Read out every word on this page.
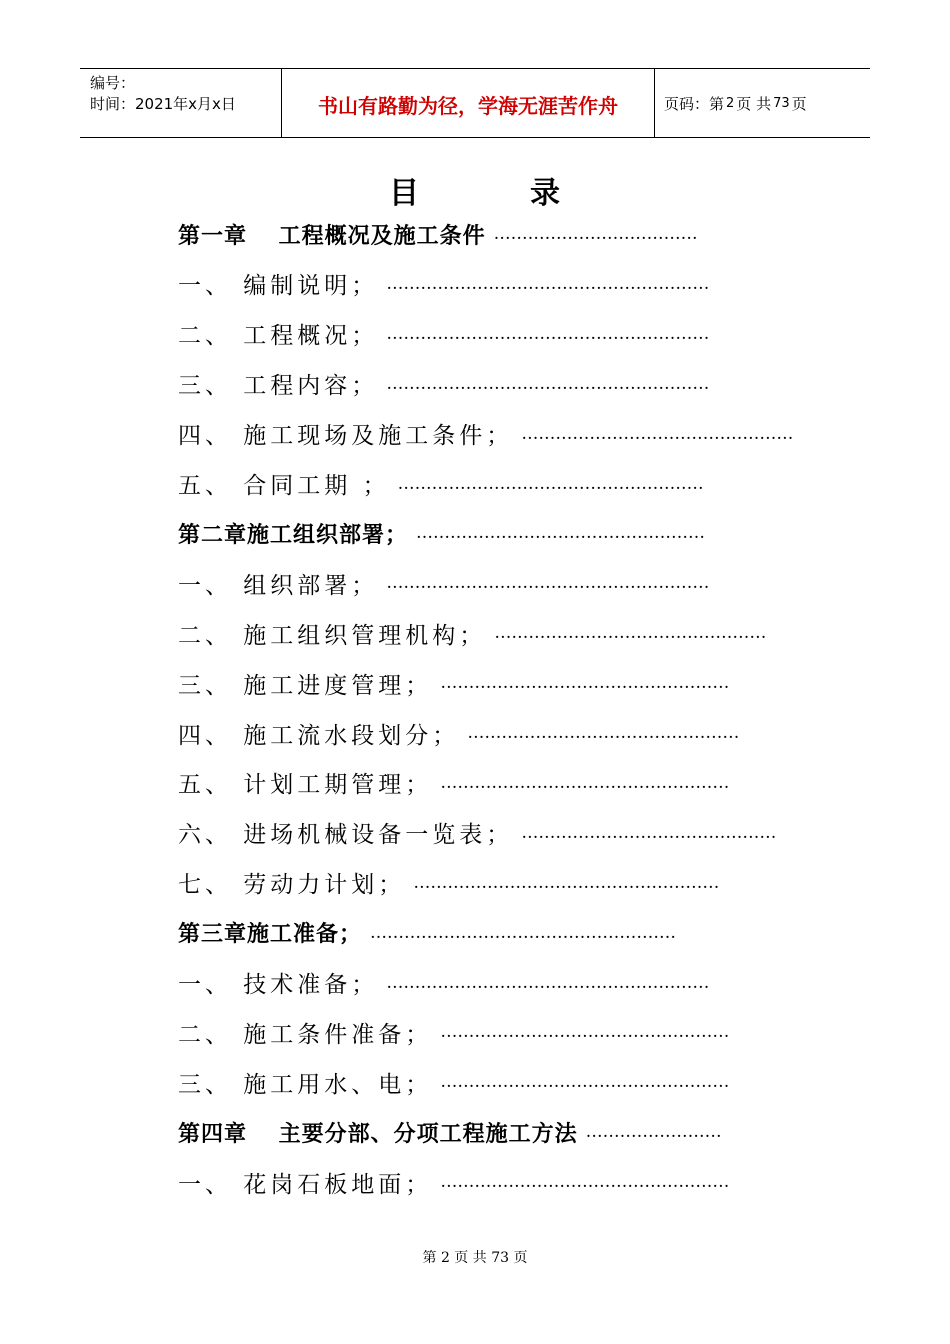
编号：
时间：2021年x月x日	书山有路勤为径，学海无涯苦作舟	页码：第 2 页 共 73 页
目	录
第一章　 工程概况及施工条件 ………………………………
一、 编制说明； …………………………………………………
二、 工程概况； …………………………………………………
三、 工程内容； …………………………………………………
四、 施工现场及施工条件； …………………………………………
五、 合同工期 ； ………………………………………………
第二章施工组织部署； ……………………………………………
一、 组织部署； …………………………………………………
二、 施工组织管理机构； …………………………………………
三、 施工进度管理； ……………………………………………
四、 施工流水段划分； …………………………………………
五、 计划工期管理； ……………………………………………
六、 进场机械设备一览表； ………………………………………
七、 劳动力计划； ………………………………………………
第三章施工准备； ………………………………………………
一、 技术准备； …………………………………………………
二、 施工条件准备； ……………………………………………
三、 施工用水、电； ……………………………………………
第四章　 主要分部、分项工程施工方法 ……………………
一、 花岗石板地面； ……………………………………………
第 2 页 共 73 页
